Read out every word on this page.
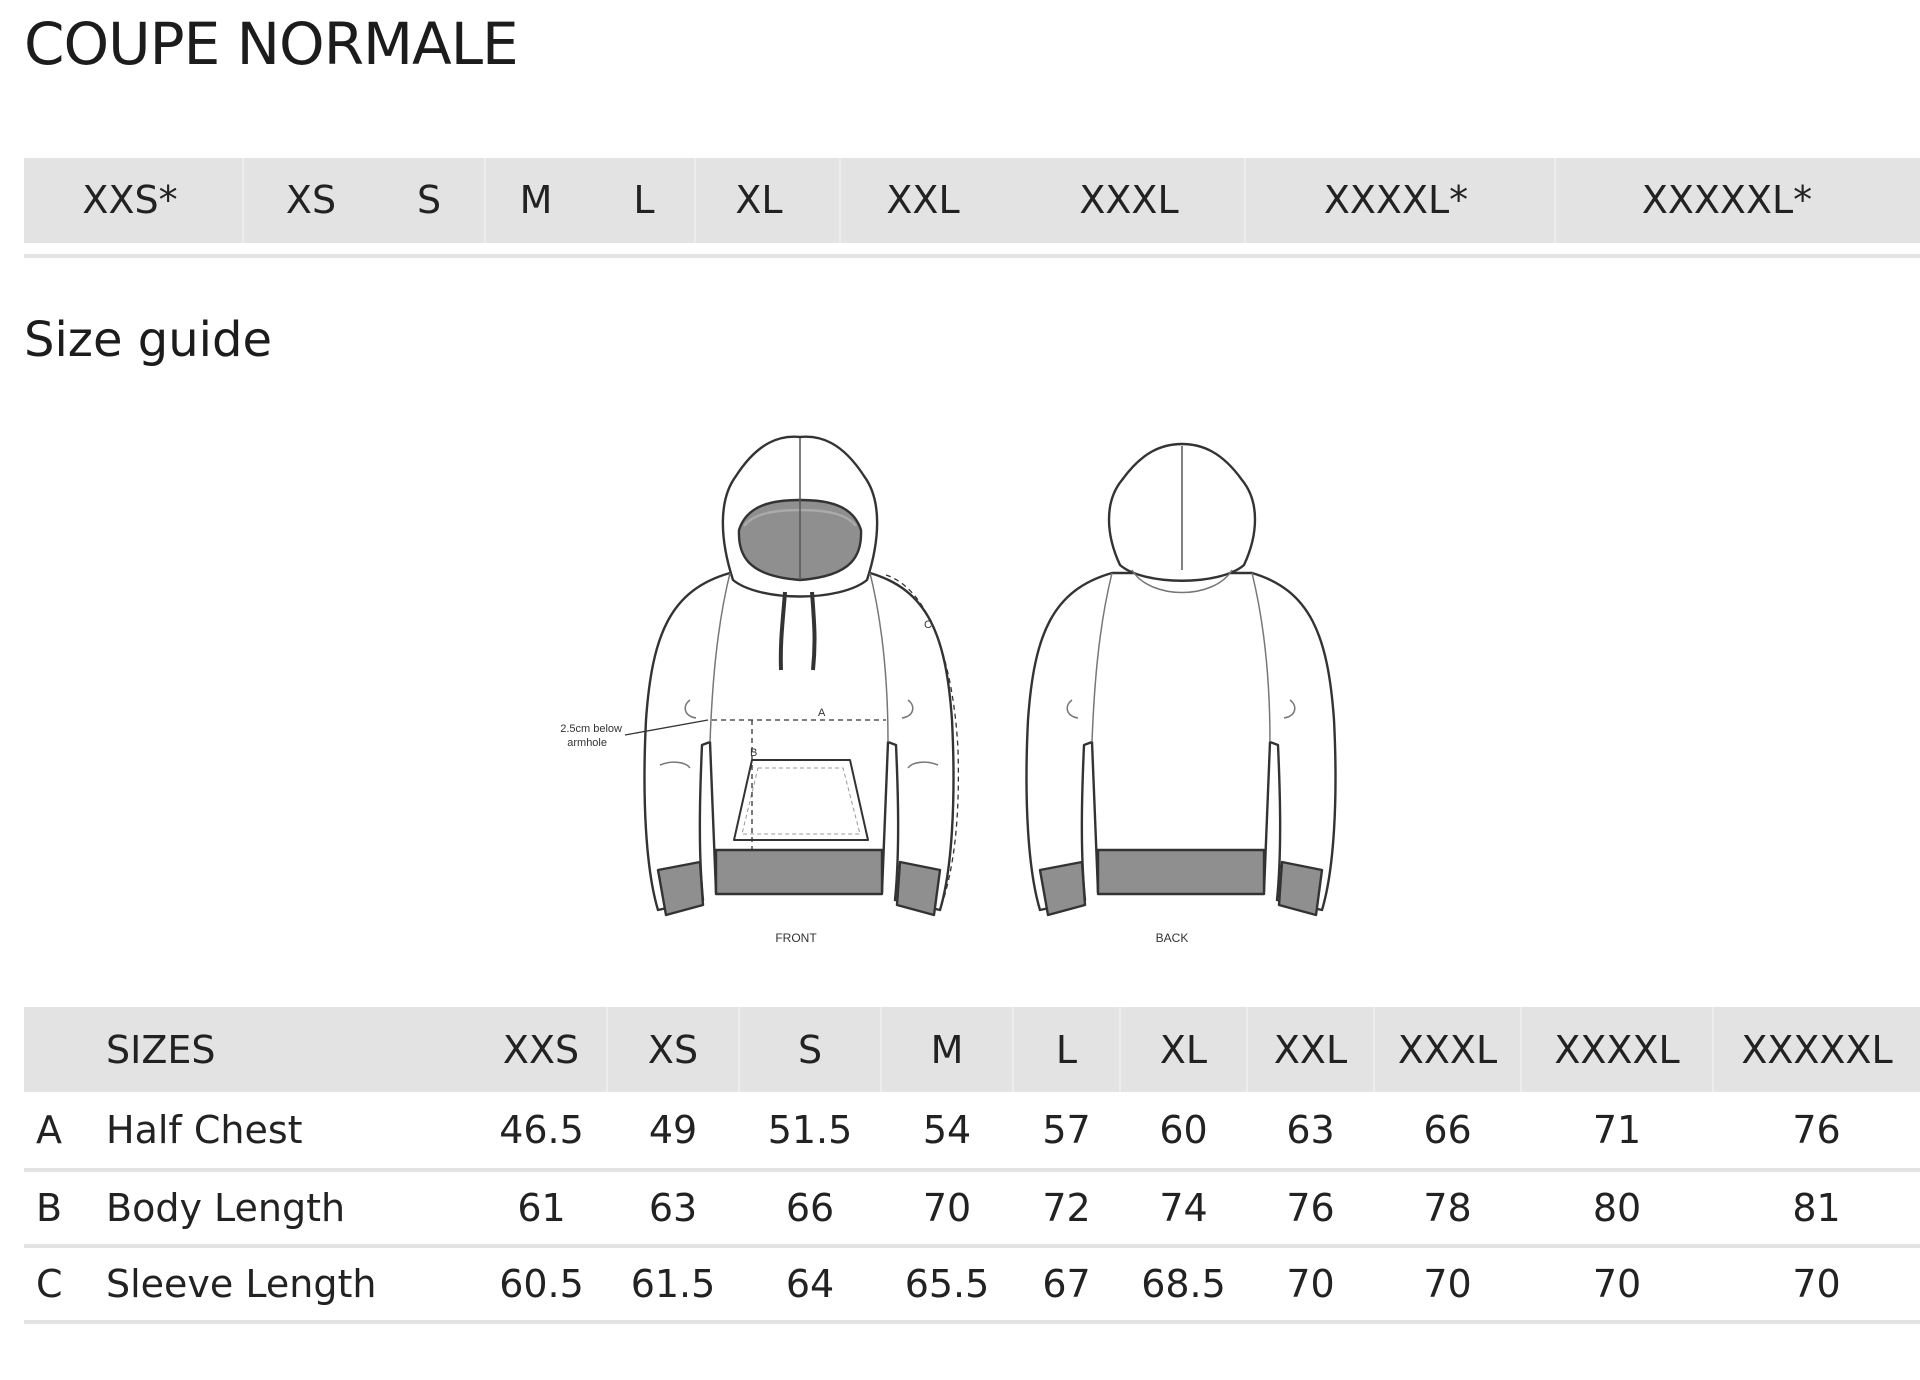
COUPE NORMALE
XXS*	XS S M L XL	XXL	XXXL	XXXXL*	XXXXXL*
Size guide
A
B
C
2.5cm below
armhole
FRONT	BACK
	SIZES	XXS	XS	S	M	L	XL	XXL	XXXL	XXXXL	XXXXXL
A	Half Chest	46.5	49	51.5	54	57	60	63	66	71	76
B	Body Length	61	63	66	70	72	74	76	78	80	81
C	Sleeve Length	60.5	61.5	64	65.5	67	68.5	70	70	70	70
